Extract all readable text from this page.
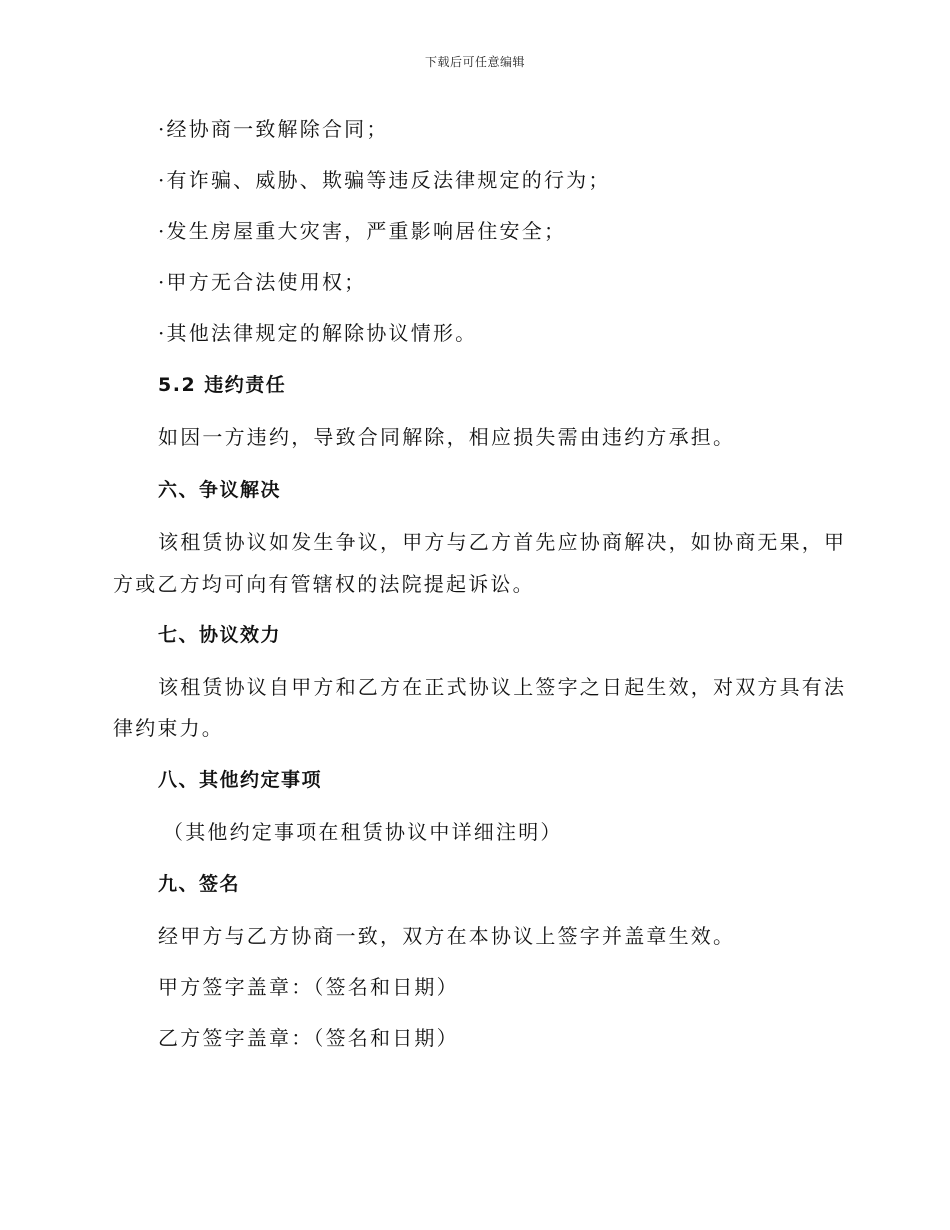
下载后可任意编辑
·经协商一致解除合同；
·有诈骗、威胁、欺骗等违反法律规定的行为；
·发生房屋重大灾害，严重影响居住安全；
·甲方无合法使用权；
·其他法律规定的解除协议情形。
5.2 违约责任
如因一方违约，导致合同解除，相应损失需由违约方承担。
六、争议解决
该租赁协议如发生争议，甲方与乙方首先应协商解决，如协商无果，甲
方或乙方均可向有管辖权的法院提起诉讼。
七、协议效力
该租赁协议自甲方和乙方在正式协议上签字之日起生效，对双方具有法
律约束力。
八、其他约定事项
（其他约定事项在租赁协议中详细注明）
九、签名
经甲方与乙方协商一致，双方在本协议上签字并盖章生效。
甲方签字盖章：（签名和日期）
乙方签字盖章：（签名和日期）
